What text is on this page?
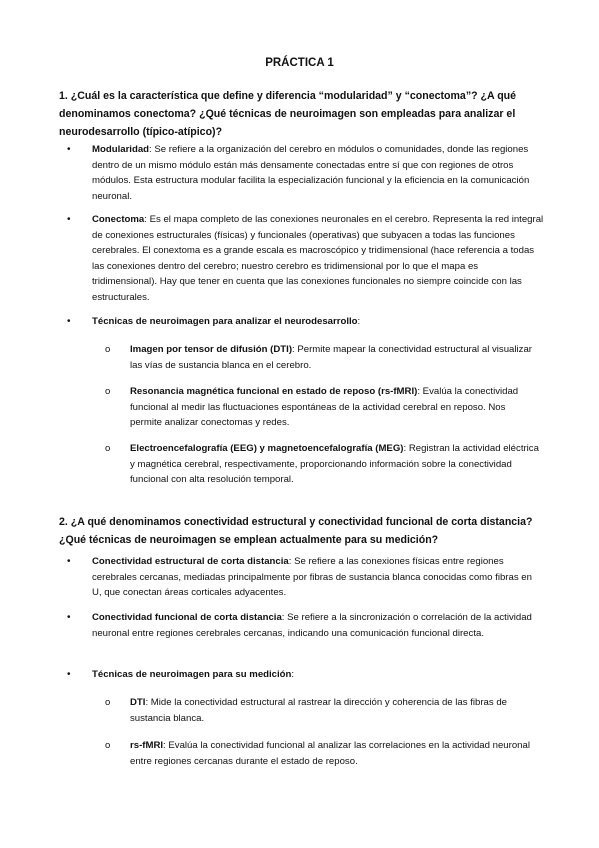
PRÁCTICA 1
1. ¿Cuál es la característica que define y diferencia “modularidad” y “conectoma”? ¿A qué denominamos conectoma? ¿Qué técnicas de neuroimagen son empleadas para analizar el neurodesarrollo (típico-atípico)?
• Modularidad: Se refiere a la organización del cerebro en módulos o comunidades, donde las regiones dentro de un mismo módulo están más densamente conectadas entre sí que con regiones de otros módulos. Esta estructura modular facilita la especialización funcional y la eficiencia en la comunicación neuronal.
• Conectoma: Es el mapa completo de las conexiones neuronales en el cerebro. Representa la red integral de conexiones estructurales (físicas) y funcionales (operativas) que subyacen a todas las funciones cerebrales. El conextoma es a grande escala es macroscópico y tridimensional (hace referencia a todas las conexiones dentro del cerebro; nuestro cerebro es tridimensional por lo que el mapa es tridimensional). Hay que tener en cuenta que las conexiones funcionales no siempre coincide con las estructurales.
• Técnicas de neuroimagen para analizar el neurodesarrollo:
o Imagen por tensor de difusión (DTI): Permite mapear la conectividad estructural al visualizar las vías de sustancia blanca en el cerebro.
o Resonancia magnética funcional en estado de reposo (rs-fMRI): Evalúa la conectividad funcional al medir las fluctuaciones espontáneas de la actividad cerebral en reposo. Nos permite analizar conectomas y redes.
o Electroencefalografía (EEG) y magnetoencefalografía (MEG): Registran la actividad eléctrica y magnética cerebral, respectivamente, proporcionando información sobre la conectividad funcional con alta resolución temporal.
2. ¿A qué denominamos conectividad estructural y conectividad funcional de corta distancia? ¿Qué técnicas de neuroimagen se emplean actualmente para su medición?
• Conectividad estructural de corta distancia: Se refiere a las conexiones físicas entre regiones cerebrales cercanas, mediadas principalmente por fibras de sustancia blanca conocidas como fibras en U, que conectan áreas corticales adyacentes.
• Conectividad funcional de corta distancia: Se refiere a la sincronización o correlación de la actividad neuronal entre regiones cerebrales cercanas, indicando una comunicación funcional directa.
• Técnicas de neuroimagen para su medición:
o DTI: Mide la conectividad estructural al rastrear la dirección y coherencia de las fibras de sustancia blanca.
o rs-fMRI: Evalúa la conectividad funcional al analizar las correlaciones en la actividad neuronal entre regiones cercanas durante el estado de reposo.
